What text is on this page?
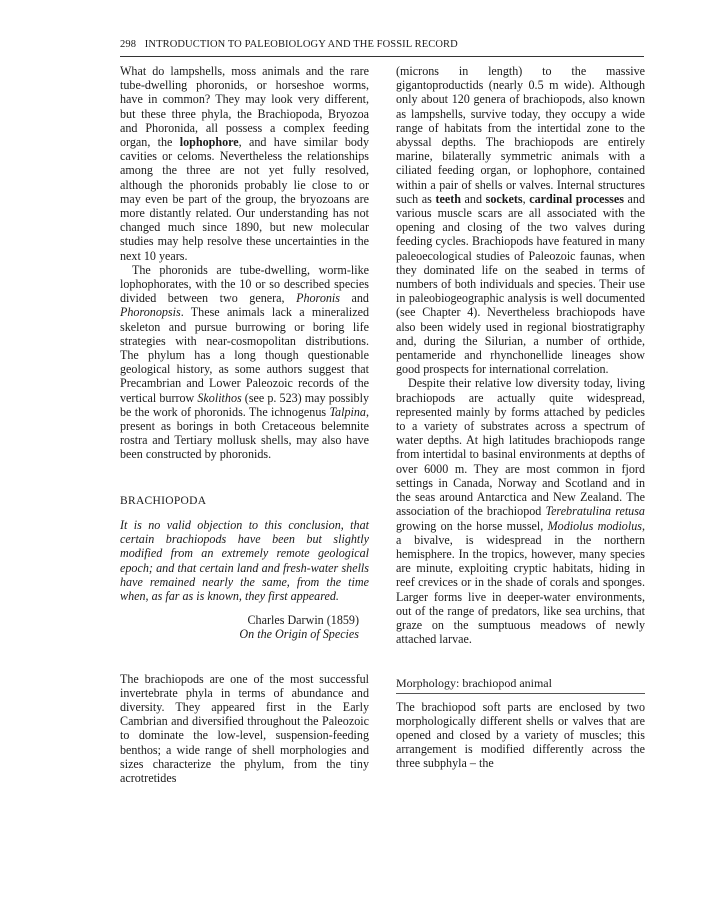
298 INTRODUCTION TO PALEOBIOLOGY AND THE FOSSIL RECORD

What do lampshells, moss animals and the rare tube-dwelling phoronids, or horseshoe worms, have in common? They may look very different, but these three phyla, the Brachiopoda, Bryozoa and Phoronida, all possess a complex feeding organ, the lophophore, and have similar body cavities or celoms. Nevertheless the relationships among the three are not yet fully resolved, although the phoronids probably lie close to or may even be part of the group, the bryozoans are more distantly related. Our understanding has not changed much since 1890, but new molecular studies may help resolve these uncertainties in the next 10 years.

The phoronids are tube-dwelling, worm-like lophophorates, with the 10 or so described species divided between two genera, Phoronis and Phoronopsis. These animals lack a mineralized skeleton and pursue burrowing or boring life strategies with near-cosmopolitan distributions. The phylum has a long though questionable geological history, as some authors suggest that Precambrian and Lower Paleozoic records of the vertical burrow Skolithos (see p. 523) may possibly be the work of phoronids. The ichnogenus Talpina, present as borings in both Cretaceous belemnite rostra and Tertiary mollusk shells, may also have been constructed by phoronids.

BRACHIOPODA

It is no valid objection to this conclusion, that certain brachiopods have been but slightly modified from an extremely remote geological epoch; and that certain land and fresh-water shells have remained nearly the same, from the time when, as far as is known, they first appeared.

Charles Darwin (1859)
On the Origin of Species

The brachiopods are one of the most successful invertebrate phyla in terms of abundance and diversity. They appeared first in the Early Cambrian and diversified throughout the Paleozoic to dominate the low-level, suspension-feeding benthos; a wide range of shell morphologies and sizes characterize the phylum, from the tiny acrotretides

(microns in length) to the massive gigantoproductids (nearly 0.5 m wide). Although only about 120 genera of brachiopods, also known as lampshells, survive today, they occupy a wide range of habitats from the intertidal zone to the abyssal depths. The brachiopods are entirely marine, bilaterally symmetric animals with a ciliated feeding organ, or lophophore, contained within a pair of shells or valves. Internal structures such as teeth and sockets, cardinal processes and various muscle scars are all associated with the opening and closing of the two valves during feeding cycles. Brachiopods have featured in many paleoecological studies of Paleozoic faunas, when they dominated life on the seabed in terms of numbers of both individuals and species. Their use in paleobiogeographic analysis is well documented (see Chapter 4). Nevertheless brachiopods have also been widely used in regional biostratigraphy and, during the Silurian, a number of orthide, pentameride and rhynchonellide lineages show good prospects for international correlation.

Despite their relative low diversity today, living brachiopods are actually quite widespread, represented mainly by forms attached by pedicles to a variety of substrates across a spectrum of water depths. At high latitudes brachiopods range from intertidal to basinal environments at depths of over 6000 m. They are most common in fjord settings in Canada, Norway and Scotland and in the seas around Antarctica and New Zealand. The association of the brachiopod Terebratulina retusa growing on the horse mussel, Modiolus modiolus, a bivalve, is widespread in the northern hemisphere. In the tropics, however, many species are minute, exploiting cryptic habitats, hiding in reef crevices or in the shade of corals and sponges. Larger forms live in deeper-water environments, out of the range of predators, like sea urchins, that graze on the sumptuous meadows of newly attached larvae.

Morphology: brachiopod animal

The brachiopod soft parts are enclosed by two morphologically different shells or valves that are opened and closed by a variety of muscles; this arrangement is modified differently across the three subphyla – the
